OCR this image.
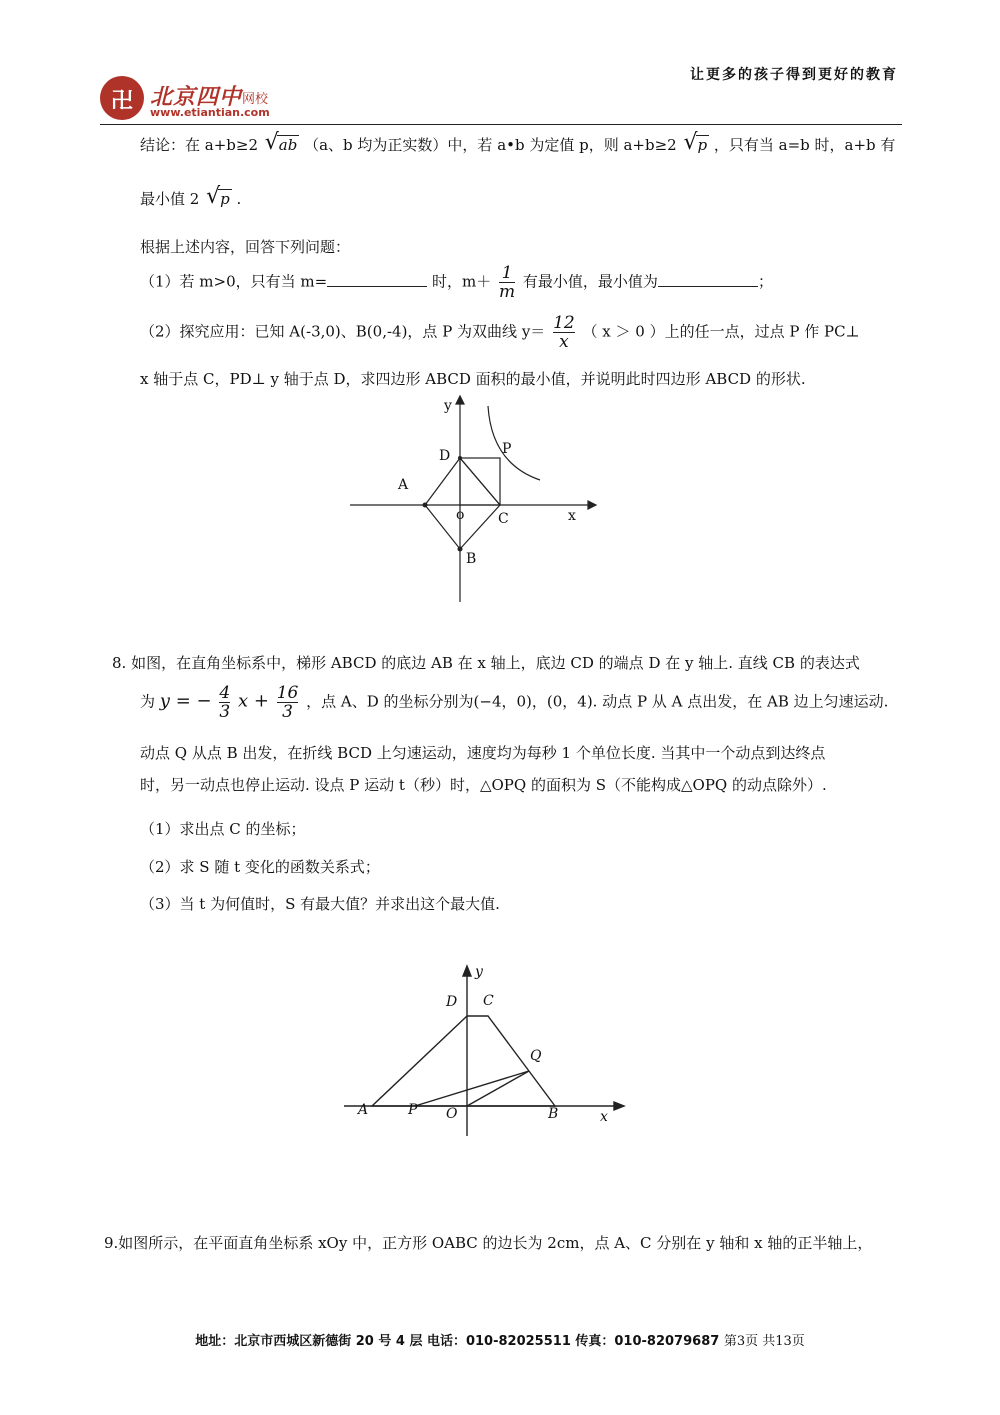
卍 北京四中 网校
www.etiantian.com
让更多的孩子得到更好的教育
结论：在 a+b≥2 √ ab （a、b 均为正实数）中，若 a•b 为定值 p，则 a+b≥2 √ p ，只有当 a=b 时，a+b 有
最小值 2 √ p .
根据上述内容，回答下列问题：
（1）若 m>0，只有当 m=	时，$m+ \frac{1}{m}$ 有最小值，最小值为	；
（2）探究应用：已知 A(-3,0)、B(0,-4)，点 P 为双曲线 $y= \frac{12}{x}$ （ x ＞ 0 ）上的任一点，过点 P 作 PC⊥
x 轴于点 C，PD⊥ y 轴于点 D，求四边形 ABCD 面积的最小值，并说明此时四边形 ABCD 的形状.
y
x
D	P
A
o C
B
8. 如图，在直角坐标系中，梯形 ABCD 的底边 AB 在 x 轴上，底边 CD 的端点 D 在 y 轴上. 直线 CB 的表达式
为 y = − $\frac{4}{3}$ $x + \frac{16}{3}$ ，点 A、D 的坐标分别为(−4，0)，(0，4). 动点 P 从 A 点出发，在 AB 边上匀速运动.
动点 Q 从点 B 出发，在折线 BCD 上匀速运动，速度均为每秒 1 个单位长度. 当其中一个动点到达终点
时，另一动点也停止运动. 设点 P 运动 t（秒）时，△OPQ 的面积为 S（不能构成△OPQ 的动点除外）.
（1）求出点 C 的坐标；
（2）求 S 随 t 变化的函数关系式；
（3）当 t 为何值时，S 有最大值？并求出这个最大值.
y
x
D C
Q
A	P O	B
9.如图所示，在平面直角坐标系 xOy 中，正方形 OABC 的边长为 2cm，点 A、C 分别在 y 轴和 x 轴的正半轴上，
地址：北京市西城区新德街 20 号 4 层 电话：010-82025511 传真：010-82079687 第3页 共13页
